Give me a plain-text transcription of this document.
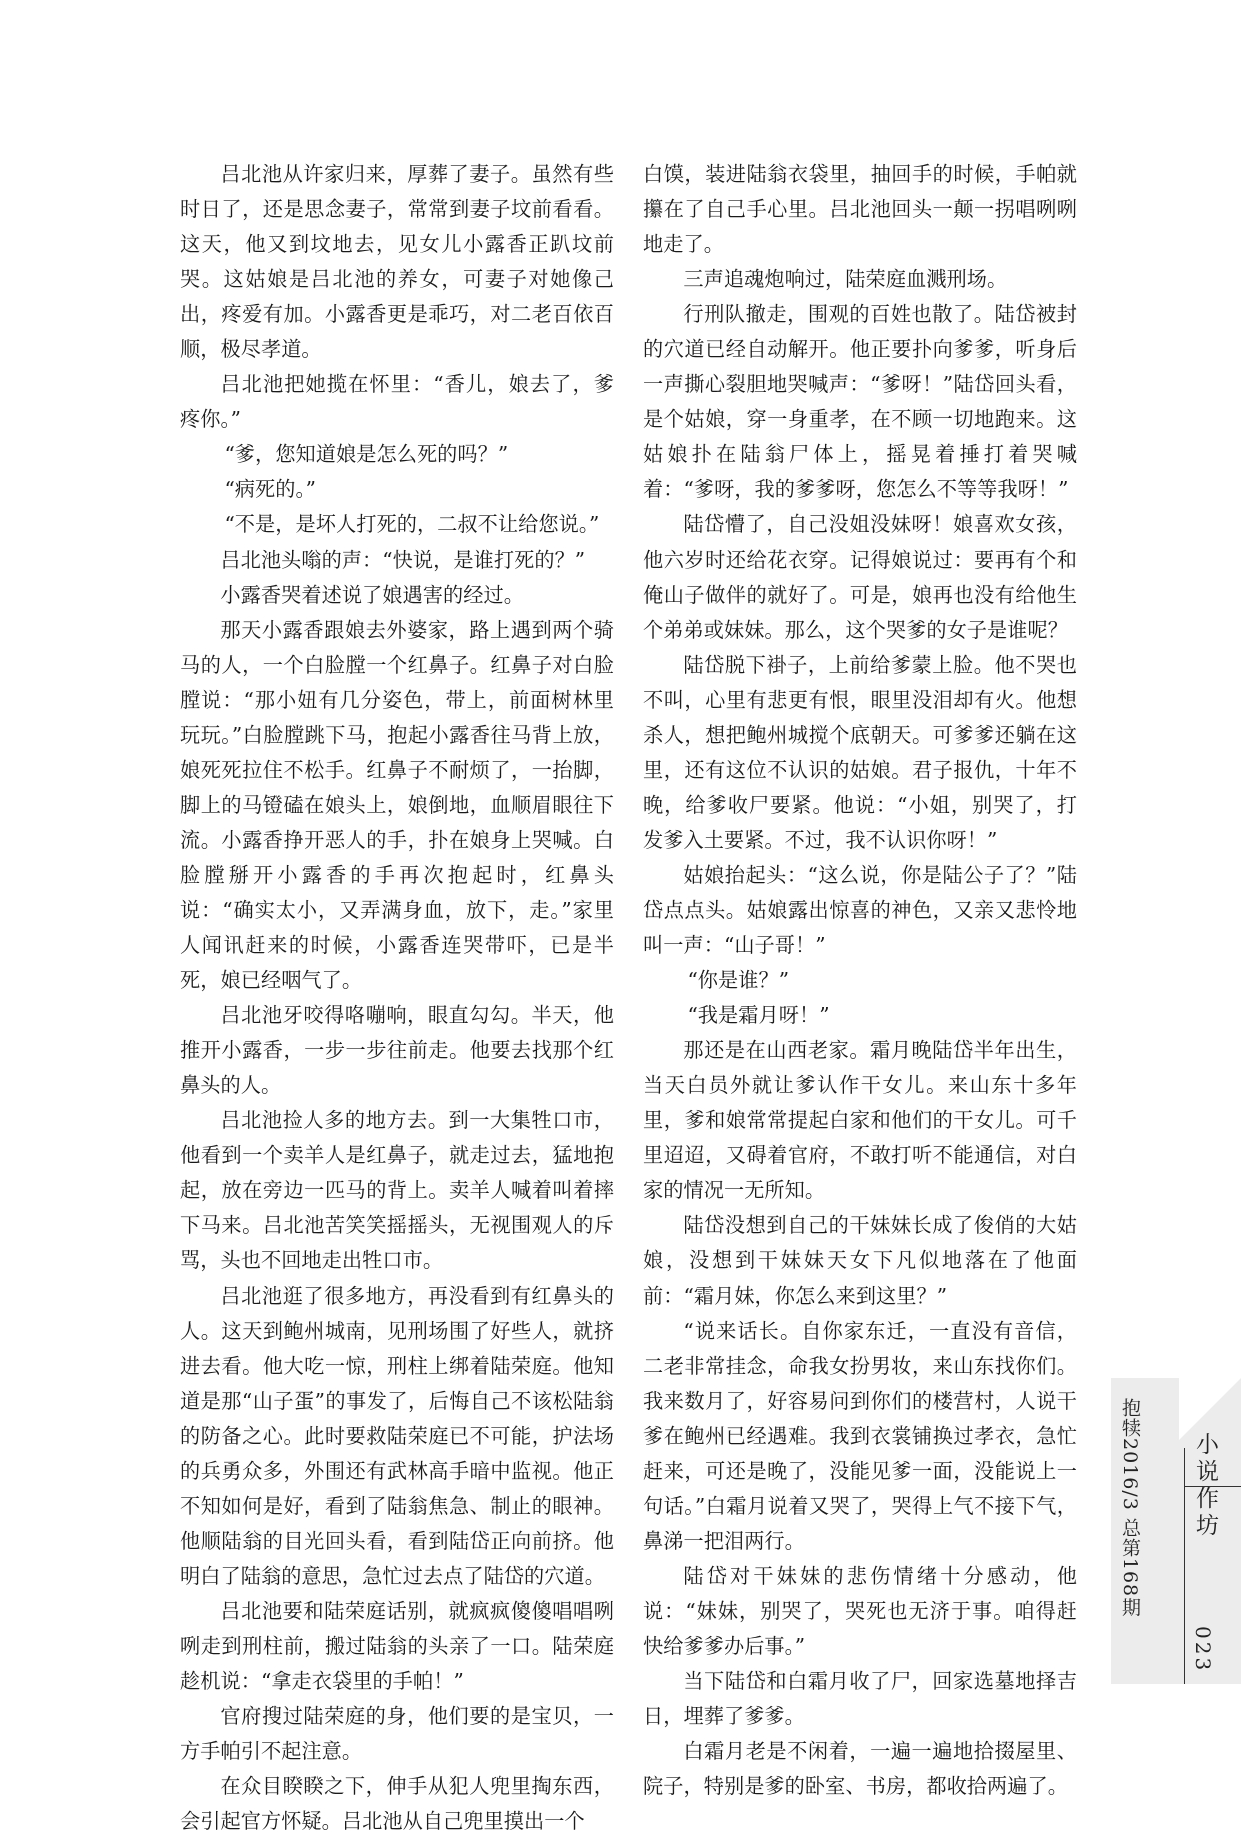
吕北池从许家归来，厚葬了妻子。虽然有些时日了，还是思念妻子，常常到妻子坟前看看。这天，他又到坟地去，见女儿小露香正趴坟前哭。这姑娘是吕北池的养女，可妻子对她像己出，疼爱有加。小露香更是乖巧，对二老百依百顺，极尽孝道。

吕北池把她揽在怀里：“香儿，娘去了，爹疼你。”

“爹，您知道娘是怎么死的吗？”

“病死的。”

“不是，是坏人打死的，二叔不让给您说。”

吕北池头嗡的声：“快说，是谁打死的？”

小露香哭着述说了娘遇害的经过。

那天小露香跟娘去外婆家，路上遇到两个骑马的人，一个白脸膛一个红鼻子。红鼻子对白脸膛说：“那小妞有几分姿色，带上，前面树林里玩玩。”白脸膛跳下马，抱起小露香往马背上放，娘死死拉住不松手。红鼻子不耐烦了，一抬脚，脚上的马镫磕在娘头上，娘倒地，血顺眉眼往下流。小露香挣开恶人的手，扑在娘身上哭喊。白脸膛掰开小露香的手再次抱起时，红鼻头说：“确实太小，又弄满身血，放下，走。”家里人闻讯赶来的时候，小露香连哭带吓，已是半死，娘已经咽气了。

吕北池牙咬得咯嘣响，眼直勾勾。半天，他推开小露香，一步一步往前走。他要去找那个红鼻头的人。

吕北池捡人多的地方去。到一大集牲口市，他看到一个卖羊人是红鼻子，就走过去，猛地抱起，放在旁边一匹马的背上。卖羊人喊着叫着摔下马来。吕北池苦笑笑摇摇头，无视围观人的斥骂，头也不回地走出牲口市。

吕北池逛了很多地方，再没看到有红鼻头的人。这天到鲍州城南，见刑场围了好些人，就挤进去看。他大吃一惊，刑柱上绑着陆荣庭。他知道是那“山子蛋”的事发了，后悔自己不该松陆翁的防备之心。此时要救陆荣庭已不可能，护法场的兵勇众多，外围还有武林高手暗中监视。他正不知如何是好，看到了陆翁焦急、制止的眼神。他顺陆翁的目光回头看，看到陆岱正向前挤。他明白了陆翁的意思，急忙过去点了陆岱的穴道。

吕北池要和陆荣庭话别，就疯疯傻傻唱唱咧咧走到刑柱前，搬过陆翁的头亲了一口。陆荣庭趁机说：“拿走衣袋里的手帕！”

官府搜过陆荣庭的身，他们要的是宝贝，一方手帕引不起注意。

在众目睽睽之下，伸手从犯人兜里掏东西，会引起官方怀疑。吕北池从自己兜里摸出一个

白馍，装进陆翁衣袋里，抽回手的时候，手帕就攥在了自己手心里。吕北池回头一颠一拐唱咧咧地走了。

三声追魂炮响过，陆荣庭血溅刑场。

行刑队撤走，围观的百姓也散了。陆岱被封的穴道已经自动解开。他正要扑向爹爹，听身后一声撕心裂胆地哭喊声：“爹呀！”陆岱回头看，是个姑娘，穿一身重孝，在不顾一切地跑来。这姑娘扑在陆翁尸体上，摇晃着捶打着哭喊着：“爹呀，我的爹爹呀，您怎么不等等我呀！”

陆岱懵了，自己没姐没妹呀！娘喜欢女孩，他六岁时还给花衣穿。记得娘说过：要再有个和俺山子做伴的就好了。可是，娘再也没有给他生个弟弟或妹妹。那么，这个哭爹的女子是谁呢？

陆岱脱下褂子，上前给爹蒙上脸。他不哭也不叫，心里有悲更有恨，眼里没泪却有火。他想杀人，想把鲍州城搅个底朝天。可爹爹还躺在这里，还有这位不认识的姑娘。君子报仇，十年不晚，给爹收尸要紧。他说：“小姐，别哭了，打发爹入土要紧。不过，我不认识你呀！”

姑娘抬起头：“这么说，你是陆公子了？”陆岱点点头。姑娘露出惊喜的神色，又亲又悲怜地叫一声：“山子哥！”

“你是谁？”

“我是霜月呀！”

那还是在山西老家。霜月晚陆岱半年出生，当天白员外就让爹认作干女儿。来山东十多年里，爹和娘常常提起白家和他们的干女儿。可千里迢迢，又碍着官府，不敢打听不能通信，对白家的情况一无所知。

陆岱没想到自己的干妹妹长成了俊俏的大姑娘，没想到干妹妹天女下凡似地落在了他面前：“霜月妹，你怎么来到这里？”

“说来话长。自你家东迁，一直没有音信，二老非常挂念，命我女扮男妆，来山东找你们。我来数月了，好容易问到你们的楼营村，人说干爹在鲍州已经遇难。我到衣裳铺换过孝衣，急忙赶来，可还是晚了，没能见爹一面，没能说上一句话。”白霜月说着又哭了，哭得上气不接下气，鼻涕一把泪两行。

陆岱对干妹妹的悲伤情绪十分感动，他说：“妹妹，别哭了，哭死也无济于事。咱得赶快给爹爹办后事。”

当下陆岱和白霜月收了尸，回家选墓地择吉日，埋葬了爹爹。

白霜月老是不闲着，一遍一遍地拾掇屋里、院子，特别是爹的卧室、书房，都收拾两遍了。

抱犊2016/3 总第168期 小说作坊
023
